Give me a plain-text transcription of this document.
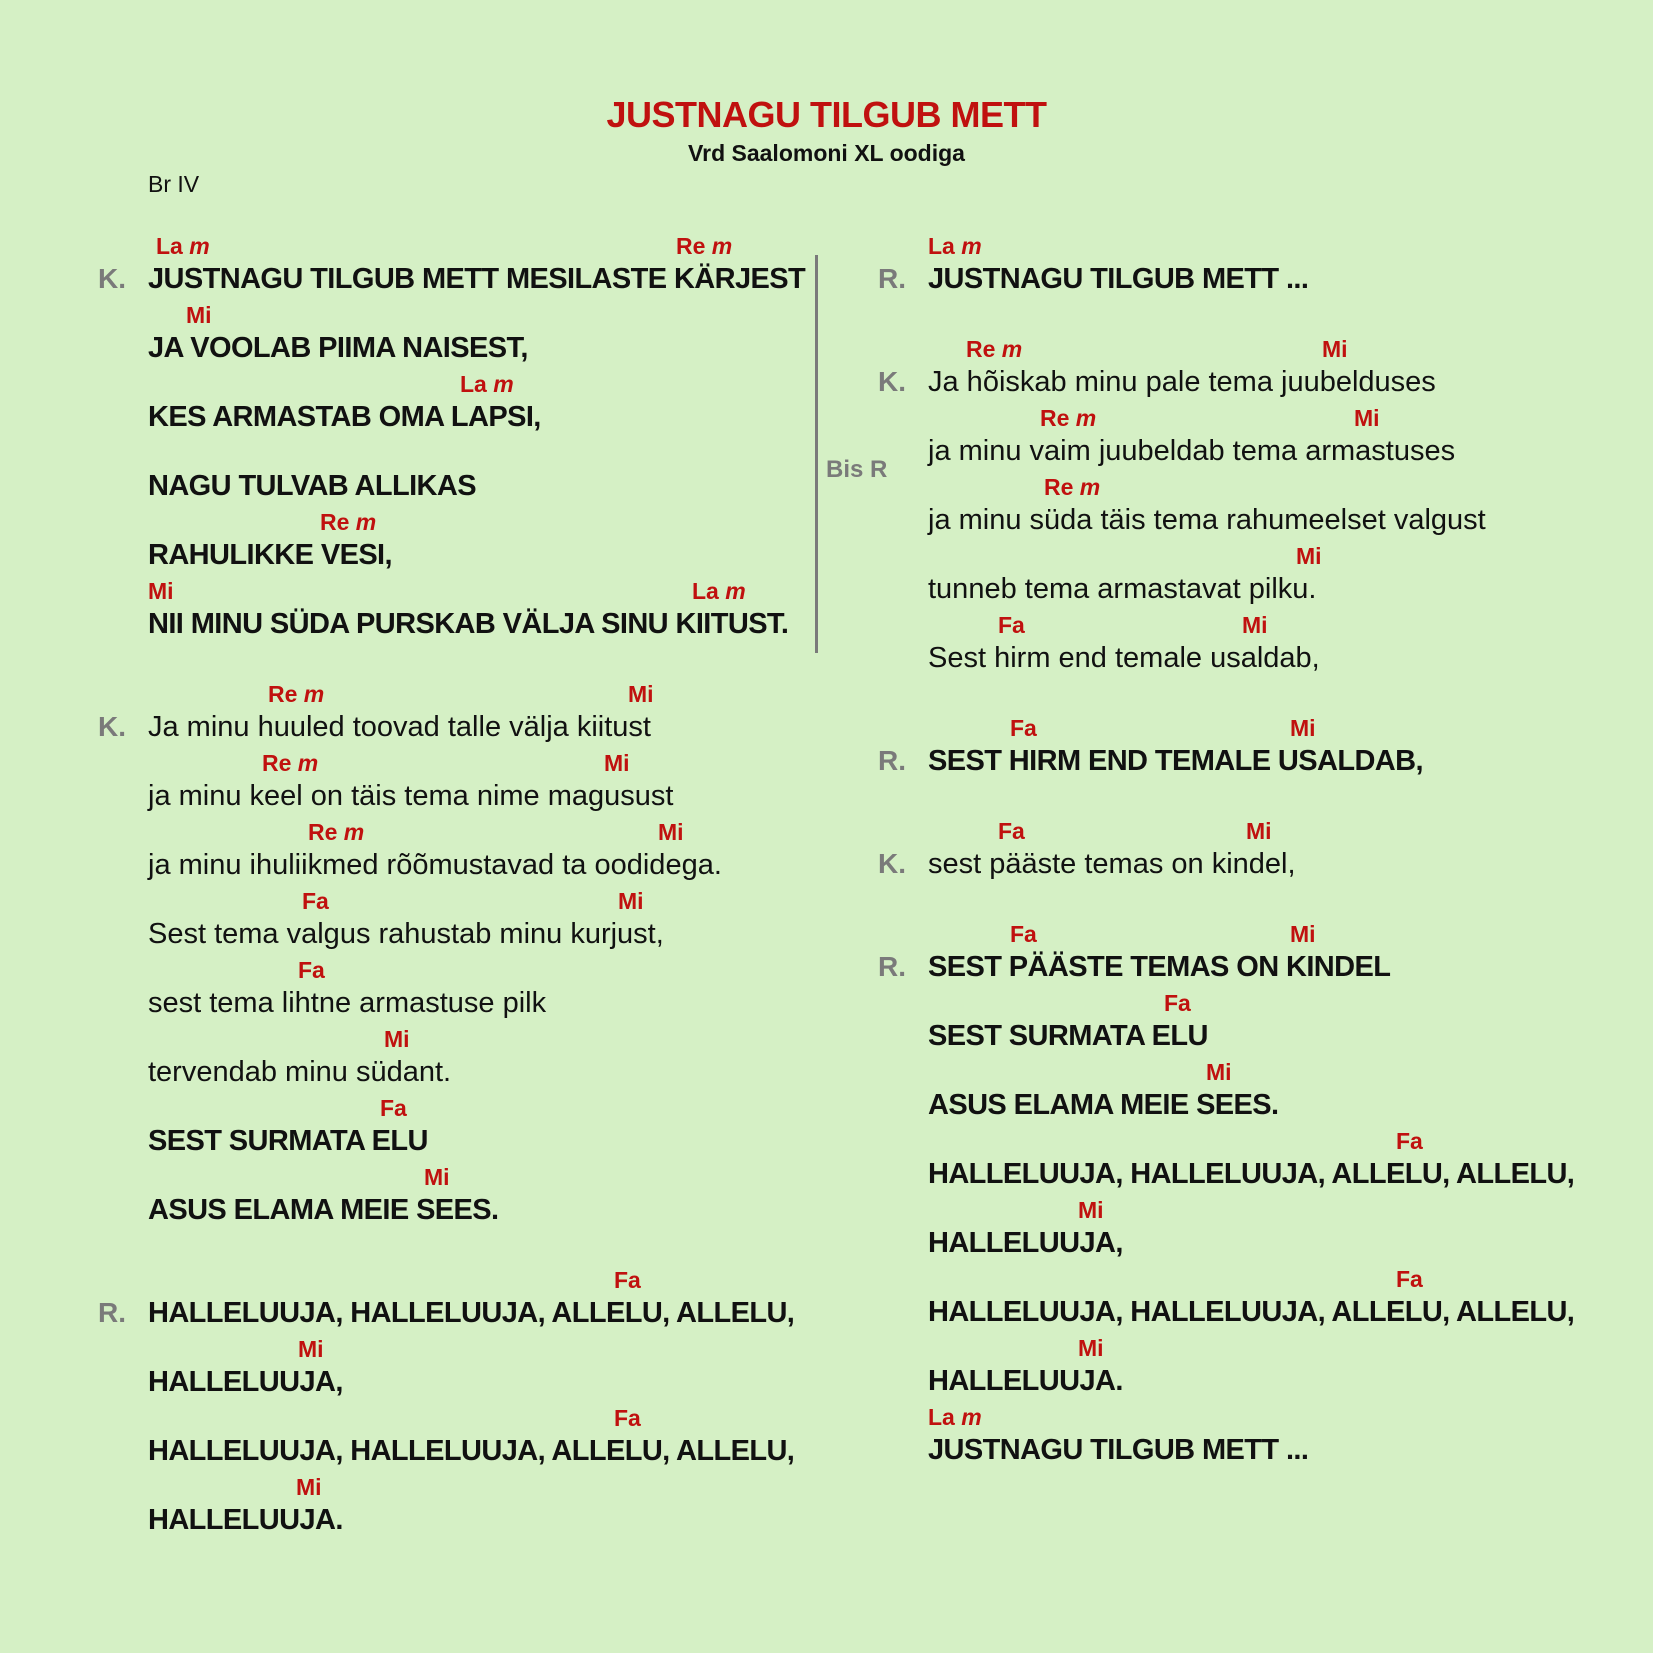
JUSTNAGU TILGUB METT
Vrd Saalomoni XL oodiga
Br IV
La m	Re m
K. JUSTNAGU TILGUB METT MESILASTE KÄRJEST
Mi
JA VOOLAB PIIMA NAISEST,
La m
KES ARMASTAB OMA LAPSI,
NAGU TULVAB ALLIKAS
Re m
RAHULIKKE VESI,
Mi	La m
NII MINU SÜDA PURSKAB VÄLJA SINU KIITUST.
Re m	Mi
K. Ja minu huuled toovad talle välja kiitust
Re m	Mi
ja minu keel on täis tema nime magusust
Re m	Mi
ja minu ihuliikmed rõõmustavad ta oodidega.
Fa	Mi
Sest tema valgus rahustab minu kurjust,
Fa
sest tema lihtne armastuse pilk
Mi
tervendab minu südant.
Fa
SEST SURMATA ELU
Mi
ASUS ELAMA MEIE SEES.
Fa
R. HALLELUUJA, HALLELUUJA, ALLELU, ALLELU,
Mi
HALLELUUJA,
Fa
HALLELUUJA, HALLELUUJA, ALLELU, ALLELU,
Mi
HALLELUUJA.
La m
R. JUSTNAGU TILGUB METT ...
Re m	Mi
K. Ja hõiskab minu pale tema juubelduses
Re m	Mi
ja minu vaim juubeldab tema armastuses
Re m
ja minu süda täis tema rahumeelset valgust
Mi
tunneb tema armastavat pilku.
Fa	Mi
Sest hirm end temale usaldab,
Fa	Mi
R. SEST HIRM END TEMALE USALDAB,
Fa	Mi
K. sest pääste temas on kindel,
Fa	Mi
R. SEST PÄÄSTE TEMAS ON KINDEL
Fa
SEST SURMATA ELU
Mi
ASUS ELAMA MEIE SEES.
Fa
HALLELUUJA, HALLELUUJA, ALLELU, ALLELU,
Mi
HALLELUUJA,
Fa
HALLELUUJA, HALLELUUJA, ALLELU, ALLELU,
Mi
HALLELUUJA.
La m
JUSTNAGU TILGUB METT ...
Bis R
